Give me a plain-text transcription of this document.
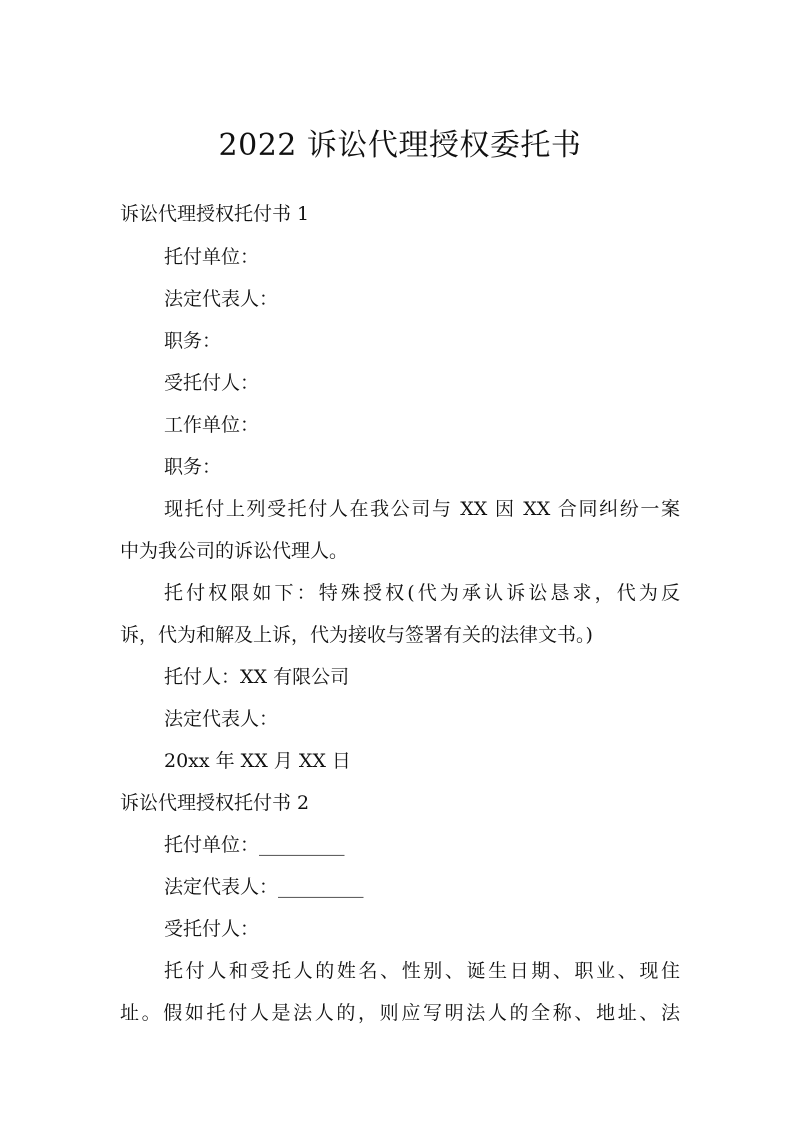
2022 诉讼代理授权委托书

诉讼代理授权托付书 1

托付单位：

法定代表人：

职务：

受托付人：

工作单位：

职务：

现托付上列受托付人在我公司与 XX 因 XX 合同纠纷一案

中为我公司的诉讼代理人。

托付权限如下：特殊授权(代为承认诉讼恳求，代为反

诉，代为和解及上诉，代为接收与签署有关的法律文书。)

托付人：XX 有限公司

法定代表人：

20xx 年 XX 月 XX 日

诉讼代理授权托付书 2

托付单位：_________

法定代表人：_________

受托付人：

托付人和受托人的姓名、性别、诞生日期、职业、现住

址。假如托付人是法人的，则应写明法人的全称、地址、法
